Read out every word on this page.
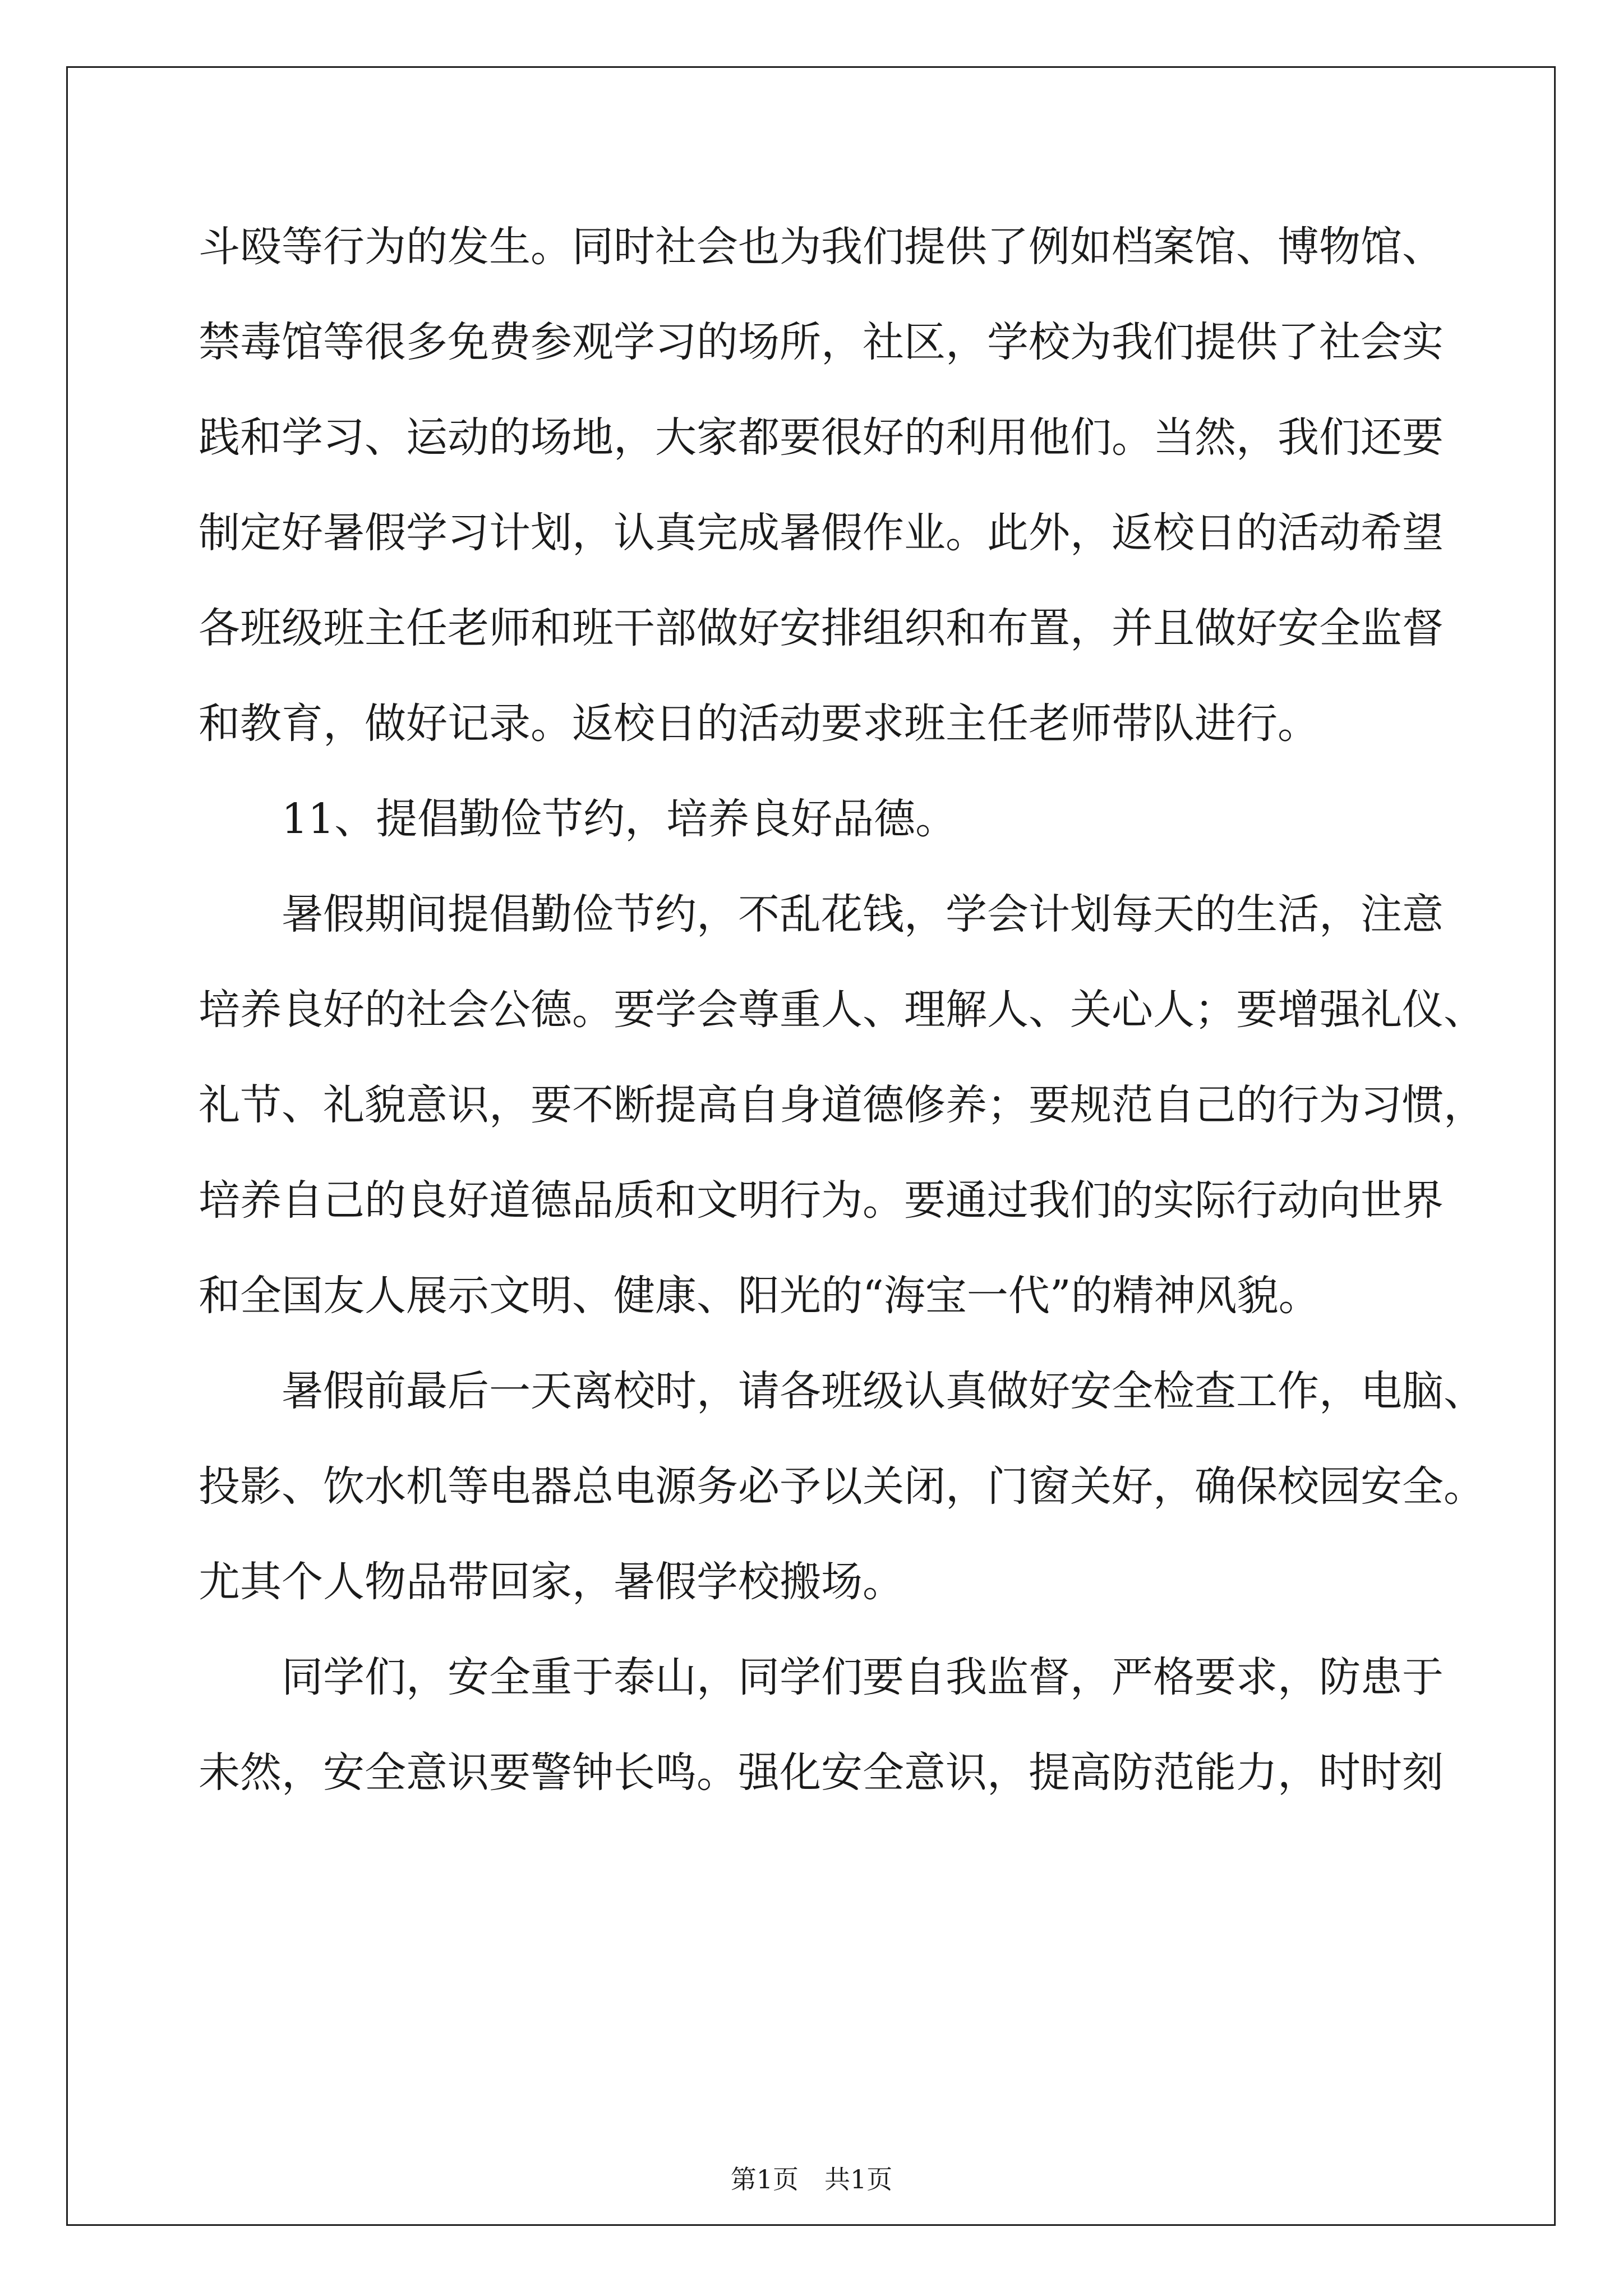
斗殴等行为的发生。同时社会也为我们提供了例如档案馆、博物馆、
禁毒馆等很多免费参观学习的场所，社区，学校为我们提供了社会实
践和学习、运动的场地，大家都要很好的利用他们。当然，我们还要
制定好暑假学习计划，认真完成暑假作业。此外，返校日的活动希望
各班级班主任老师和班干部做好安排组织和布置，并且做好安全监督
和教育，做好记录。返校日的活动要求班主任老师带队进行。
11、提倡勤俭节约，培养良好品德。
暑假期间提倡勤俭节约，不乱花钱，学会计划每天的生活，注意
培养良好的社会公德。要学会尊重人、理解人、关心人；要增强礼仪、
礼节、礼貌意识，要不断提高自身道德修养；要规范自己的行为习惯，
培养自己的良好道德品质和文明行为。要通过我们的实际行动向世界
和全国友人展示文明、健康、阳光的“海宝一代”的精神风貌。
暑假前最后一天离校时，请各班级认真做好安全检查工作，电脑、
投影、饮水机等电器总电源务必予以关闭，门窗关好，确保校园安全。
尤其个人物品带回家，暑假学校搬场。
同学们，安全重于泰山，同学们要自我监督，严格要求，防患于
未然，安全意识要警钟长鸣。强化安全意识，提高防范能力，时时刻
第1页　共1页
